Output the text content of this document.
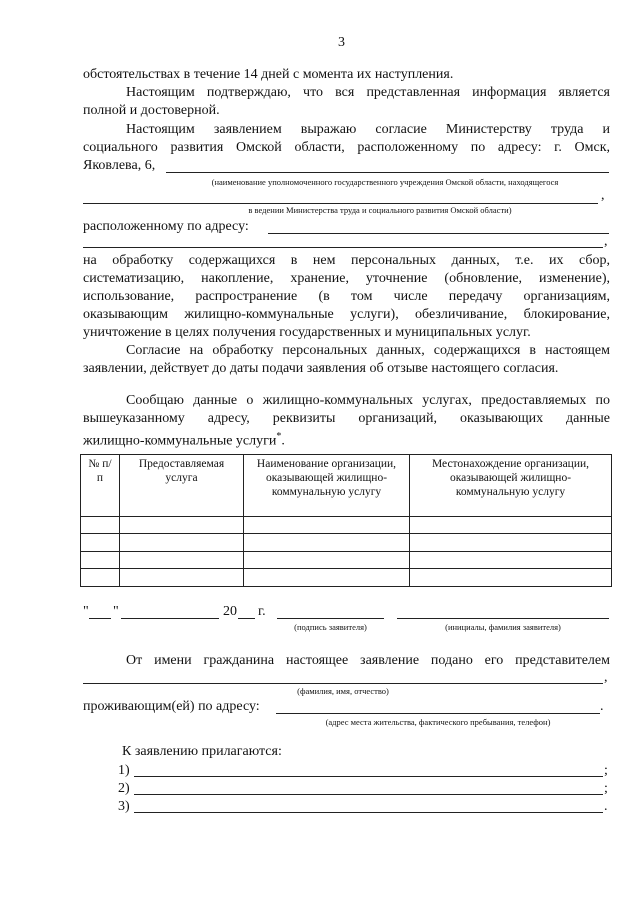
3
обстоятельствах в течение 14 дней с момента их наступления.
Настоящим подтверждаю, что вся представленная информация является
полной и достоверной.
Настоящим заявлением выражаю согласие Министерству труда и
социального развития Омской области, расположенному по адресу: г. Омск,
Яковлева, 6,
(наименование уполномоченного государственного учреждения Омской области, находящегося
,
в ведении Министерства труда и социального развития Омской области)
расположенному по адресу:
,
на обработку содержащихся в нем персональных данных, т.е. их сбор,
систематизацию, накопление, хранение, уточнение (обновление, изменение),
использование, распространение (в том числе передачу организациям,
оказывающим жилищно-коммунальные услуги), обезличивание, блокирование,
уничтожение в целях получения государственных и муниципальных услуг.
Согласие на обработку персональных данных, содержащихся в настоящем
заявлении, действует до даты подачи заявления об отзыве настоящего согласия.
Сообщаю данные о жилищно-коммунальных услугах, предоставляемых по
вышеуказанному адресу, реквизиты организаций, оказывающих данные
жилищно-коммунальные услуги*.
№ п/п	Предоставляемая услуга	Наименование организации, оказывающей жилищно-коммунальную услугу	Местонахождение организации, оказывающей жилищно-коммунальную услугу

" "	20 г.
(подпись заявителя)	(инициалы, фамилия заявителя)
От имени гражданина настоящее заявление подано его представителем
,
(фамилия, имя, отчество)
проживающим(ей) по адресу:	.
(адрес места жительства, фактического пребывания, телефон)
К заявлению прилагаются:
1)	;
2)	;
3)	.
